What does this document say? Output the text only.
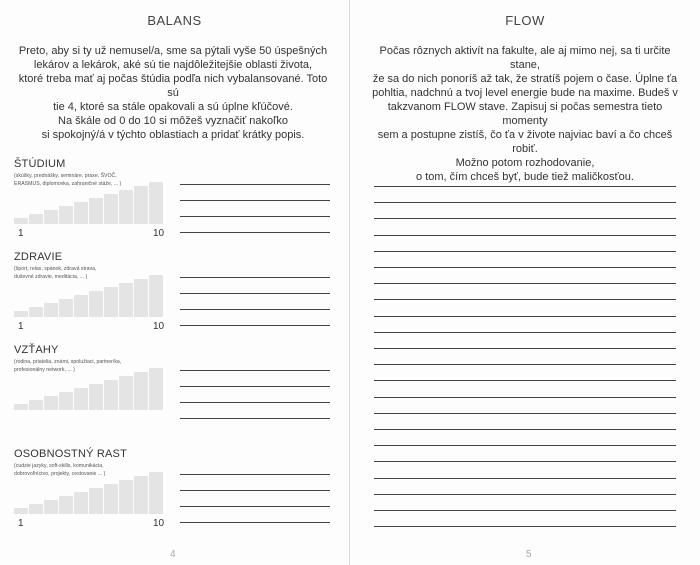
BALANS
Preto, aby si ty už nemusel/a, sme sa pýtali vyše 50 úspešných
lekárov a lekárok, aké sú tie najdôležitejšie oblasti života,
ktoré treba mať aj počas štúdia podľa nich vybalansované. Toto sú
tie 4, ktoré sa stále opakovali a sú úplne kľúčové.
Na škále od 0 do 10 si môžeš vyznačiť nakoľko
si spokojný/á v týchto oblastiach a pridať krátky popis.
ŠTÚDIUM
(skúšky, prednášky, semináre, praxe, ŠVOČ,
ERASMUS, diplomovka, zahraničné stáže, ... )
1	10
ZDRAVIE
(šport, relax, spánok, zdravá strava,
duševné zdravie, meditácia, ... )
1	10
VZŤAHY
(rodina, priatelia, známi, spolužiaci, partner/ka,
profesionálny network, ... )
OSOBNOSTNÝ RAST
(cudzie jazyky, soft-skills, komunikácia,
dobrovoľníctvo, projekty, cestovanie ... )
1	10
4
FLOW
Počas rôznych aktivít na fakulte, ale aj mimo nej, sa ti určite stane,
že sa do nich ponoríš až tak, že stratíš pojem o čase. Úplne ťa
pohltia, nadchnú a tvoj level energie bude na maxime. Budeš v
takzvanom FLOW stave. Zapisuj si počas semestra tieto momenty
sem a postupne zistíš, čo ťa v živote najviac baví a čo chceš robiť.
Možno potom rozhodovanie,
o tom, čím chceš byť, bude tiež maličkosťou.
5
